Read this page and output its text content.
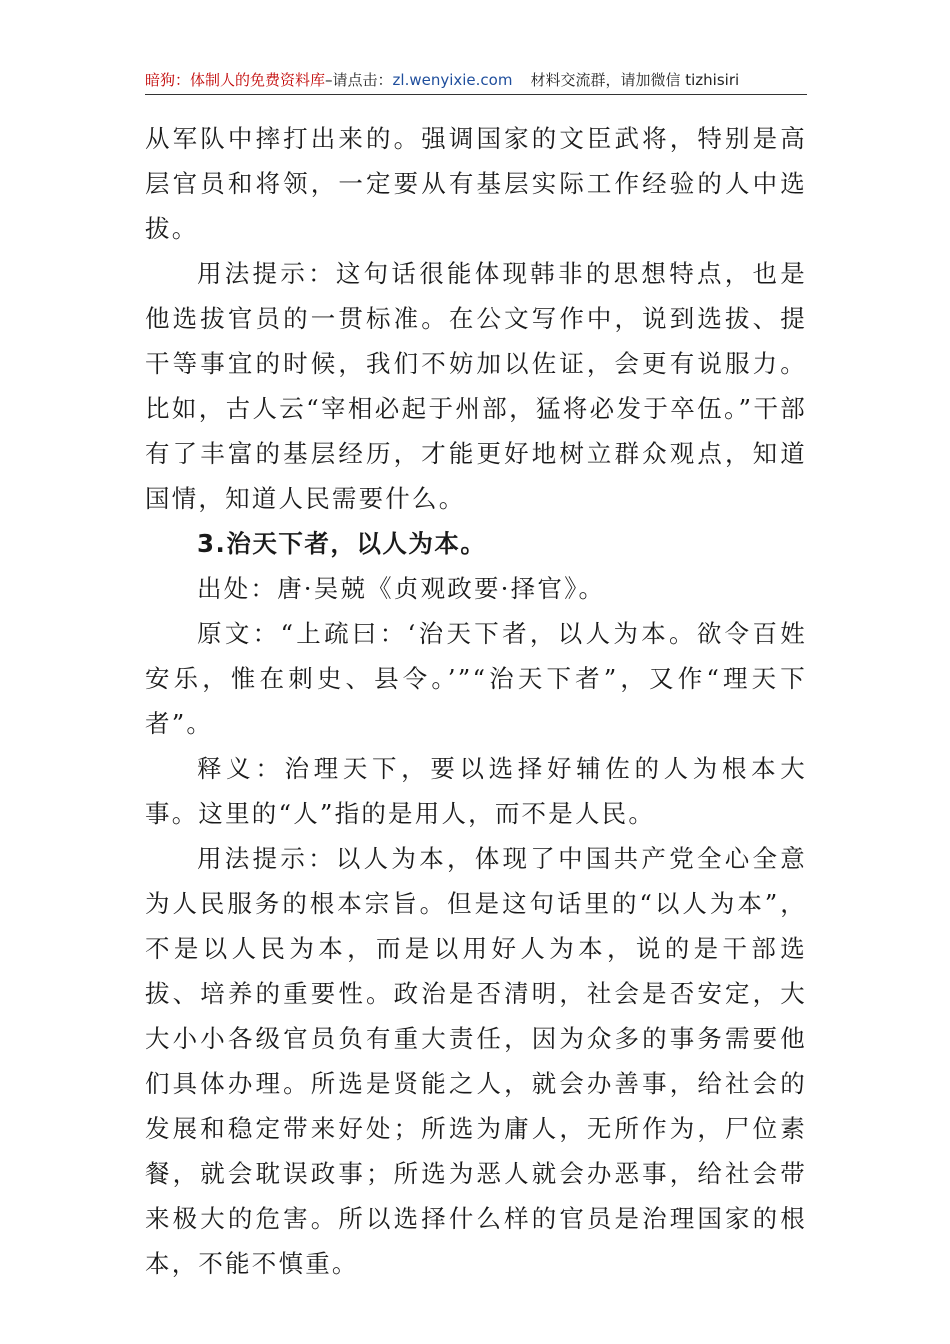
暗狗：体制人的免费资料库–请点击：zl.wenyixie.com 材料交流群，请加微信 tizhisiri

从军队中摔打出来的。强调国家的文臣武将，特别是高层官员和将领，一定要从有基层实际工作经验的人中选拔。

用法提示：这句话很能体现韩非的思想特点，也是他选拔官员的一贯标准。在公文写作中，说到选拔、提干等事宜的时候，我们不妨加以佐证，会更有说服力。比如，古人云“宰相必起于州部，猛将必发于卒伍。”干部有了丰富的基层经历，才能更好地树立群众观点，知道国情，知道人民需要什么。

3.治天下者，以人为本。

出处：唐·吴兢《贞观政要·择官》。

原文：“上疏曰：‘治天下者，以人为本。欲令百姓安乐，惟在刺史、县令。’”“治天下者”，又作“理天下者”。

释义：治理天下，要以选择好辅佐的人为根本大事。这里的“人”指的是用人，而不是人民。

用法提示：以人为本，体现了中国共产党全心全意为人民服务的根本宗旨。但是这句话里的“以人为本”，不是以人民为本，而是以用好人为本，说的是干部选拔、培养的重要性。政治是否清明，社会是否安定，大大小小各级官员负有重大责任，因为众多的事务需要他们具体办理。所选是贤能之人，就会办善事，给社会的发展和稳定带来好处；所选为庸人，无所作为，尸位素餐，就会耽误政事；所选为恶人就会办恶事，给社会带来极大的危害。所以选择什么样的官员是治理国家的根本，不能不慎重。
